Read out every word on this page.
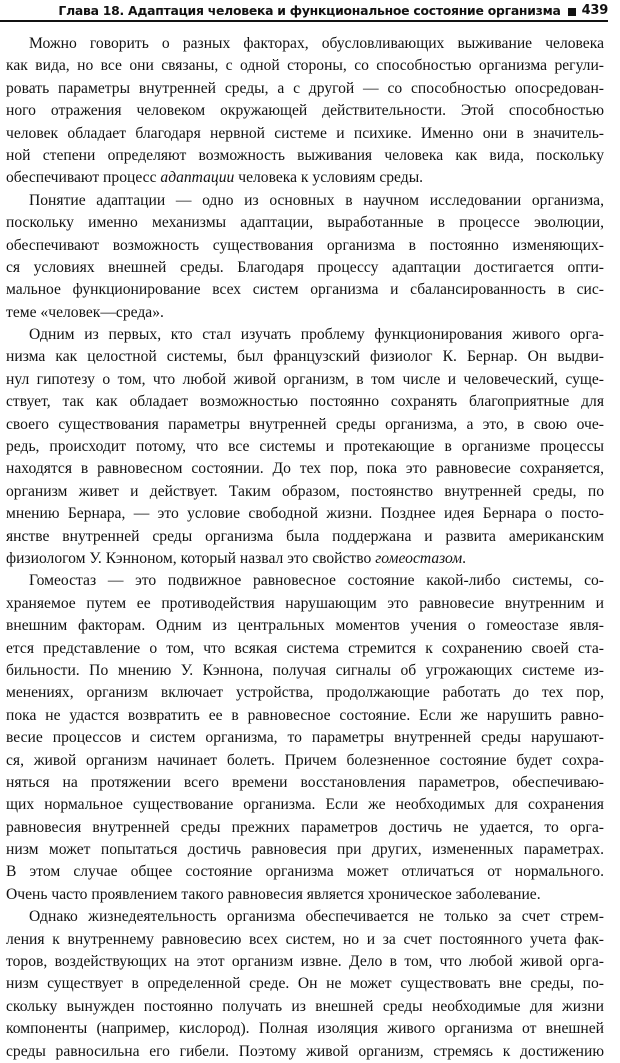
Глава 18. Адаптация человека и функциональное состояние организма 439
Можно говорить о разных факторах, обусловливающих выживание человека
как вида, но все они связаны, с одной стороны, со способностью организма регули-
ровать параметры внутренней среды, а с другой — со способностью опосредован-
ного отражения человеком окружающей действительности. Этой способностью
человек обладает благодаря нервной системе и психике. Именно они в значитель-
ной степени определяют возможность выживания человека как вида, поскольку
обеспечивают процесс адаптации человека к условиям среды.
Понятие адаптации — одно из основных в научном исследовании организма,
поскольку именно механизмы адаптации, выработанные в процессе эволюции,
обеспечивают возможность существования организма в постоянно изменяющих-
ся условиях внешней среды. Благодаря процессу адаптации достигается опти-
мальное функционирование всех систем организма и сбалансированность в сис-
теме «человек—среда».
Одним из первых, кто стал изучать проблему функционирования живого орга-
низма как целостной системы, был французский физиолог К. Бернар. Он выдви-
нул гипотезу о том, что любой живой организм, в том числе и человеческий, суще-
ствует, так как обладает возможностью постоянно сохранять благоприятные для
своего существования параметры внутренней среды организма, а это, в свою оче-
редь, происходит потому, что все системы и протекающие в организме процессы
находятся в равновесном состоянии. До тех пор, пока это равновесие сохраняется,
организм живет и действует. Таким образом, постоянство внутренней среды, по
мнению Бернара, — это условие свободной жизни. Позднее идея Бернара о посто-
янстве внутренней среды организма была поддержана и развита американским
физиологом У. Кэнноном, который назвал это свойство гомеостазом.
Гомеостаз — это подвижное равновесное состояние какой-либо системы, со-
храняемое путем ее противодействия нарушающим это равновесие внутренним и
внешним факторам. Одним из центральных моментов учения о гомеостазе явля-
ется представление о том, что всякая система стремится к сохранению своей ста-
бильности. По мнению У. Кэннона, получая сигналы об угрожающих системе из-
менениях, организм включает устройства, продолжающие работать до тех пор,
пока не удастся возвратить ее в равновесное состояние. Если же нарушить равно-
весие процессов и систем организма, то параметры внутренней среды нарушают-
ся, живой организм начинает болеть. Причем болезненное состояние будет сохра-
няться на протяжении всего времени восстановления параметров, обеспечиваю-
щих нормальное существование организма. Если же необходимых для сохранения
равновесия внутренней среды прежних параметров достичь не удается, то орга-
низм может попытаться достичь равновесия при других, измененных параметрах.
В этом случае общее состояние организма может отличаться от нормального.
Очень часто проявлением такого равновесия является хроническое заболевание.
Однако жизнедеятельность организма обеспечивается не только за счет стрем-
ления к внутреннему равновесию всех систем, но и за счет постоянного учета фак-
торов, воздействующих на этот организм извне. Дело в том, что любой живой орга-
низм существует в определенной среде. Он не может существовать вне среды, по-
скольку вынужден постоянно получать из внешней среды необходимые для жизни
компоненты (например, кислород). Полная изоляция живого организма от внешней
среды равносильна его гибели. Поэтому живой организм, стремясь к достижению
